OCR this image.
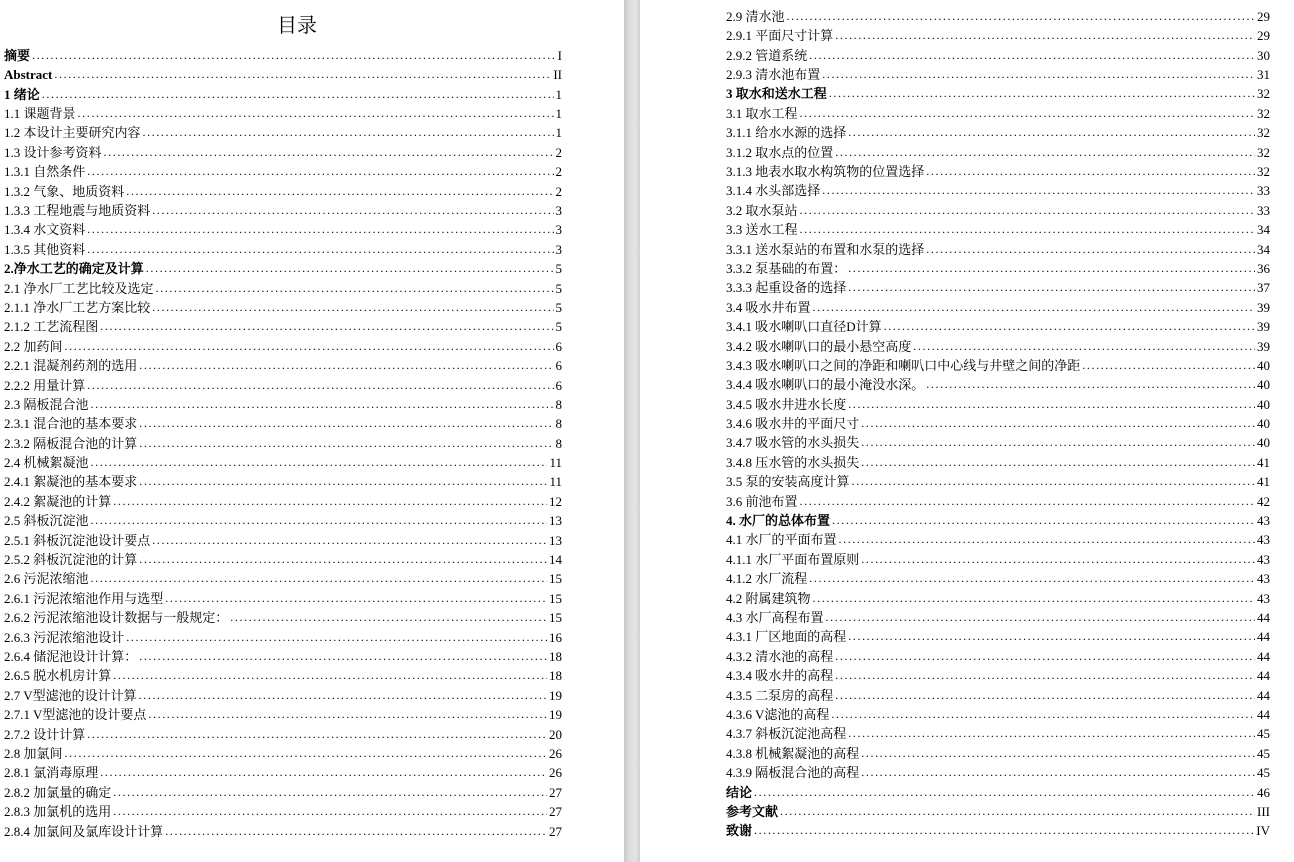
目录
摘要 .....	I
Abstract .....	II
1 绪论 .....	1
1.1 课题背景 .....	1
1.2 本设计主要研究内容 .....	1
1.3 设计参考资料 .....	2
1.3.1 自然条件 .....	2
1.3.2 气象、地质资料 .....	2
1.3.3 工程地震与地质资料 .....	3
1.3.4 水文资料 .....	3
1.3.5 其他资料 .....	3
2.净水工艺的确定及计算 .....	5
2.1 净水厂工艺比较及选定 .....	5
2.1.1 净水厂工艺方案比较 .....	5
2.1.2 工艺流程图 .....	5
2.2 加药间 .....	6
2.2.1 混凝剂药剂的选用 .....	6
2.2.2 用量计算 .....	6
2.3 隔板混合池 .....	8
2.3.1 混合池的基本要求 .....	8
2.3.2 隔板混合池的计算 .....	8
2.4 机械絮凝池 .....	11
2.4.1 絮凝池的基本要求 .....	11
2.4.2 絮凝池的计算 .....	12
2.5 斜板沉淀池 .....	13
2.5.1 斜板沉淀池设计要点 .....	13
2.5.2 斜板沉淀池的计算 .....	14
2.6 污泥浓缩池 .....	15
2.6.1 污泥浓缩池作用与选型 .....	15
2.6.2 污泥浓缩池设计数据与一般规定： .....	15
2.6.3 污泥浓缩池设计 .....	16
2.6.4 储泥池设计计算： .....	18
2.6.5 脱水机房计算 .....	18
2.7 V型滤池的设计计算 .....	19
2.7.1 V型滤池的设计要点 .....	19
2.7.2 设计计算 .....	20
2.8 加氯间 .....	26
2.8.1 氯消毒原理 .....	26
2.8.2 加氯量的确定 .....	27
2.8.3 加氯机的选用 .....	27
2.8.4 加氯间及氯库设计计算 .....	27
2.9 清水池 .....	29
2.9.1 平面尺寸计算 .....	29
2.9.2 管道系统 .....	30
2.9.3 清水池布置 .....	31
3 取水和送水工程 .....	32
3.1 取水工程 .....	32
3.1.1 给水水源的选择 .....	32
3.1.2 取水点的位置 .....	32
3.1.3 地表水取水构筑物的位置选择 .....	32
3.1.4 水头部选择 .....	33
3.2 取水泵站 .....	33
3.3 送水工程 .....	34
3.3.1 送水泵站的布置和水泵的选择 .....	34
3.3.2 泵基础的布置： .....	36
3.3.3 起重设备的选择 .....	37
3.4 吸水井布置 .....	39
3.4.1 吸水喇叭口直径D计算 .....	39
3.4.2 吸水喇叭口的最小悬空高度 .....	39
3.4.3 吸水喇叭口之间的净距和喇叭口中心线与井壁之间的净距 .....	40
3.4.4 吸水喇叭口的最小淹没水深。 .....	40
3.4.5 吸水井进水长度 .....	40
3.4.6 吸水井的平面尺寸 .....	40
3.4.7 吸水管的水头损失 .....	40
3.4.8 压水管的水头损失 .....	41
3.5 泵的安装高度计算 .....	41
3.6 前池布置 .....	42
4. 水厂的总体布置 .....	43
4.1 水厂的平面布置 .....	43
4.1.1 水厂平面布置原则 .....	43
4.1.2 水厂流程 .....	43
4.2 附属建筑物 .....	43
4.3 水厂高程布置 .....	44
4.3.1 厂区地面的高程 .....	44
4.3.2 清水池的高程 .....	44
4.3.4 吸水井的高程 .....	44
4.3.5 二泵房的高程 .....	44
4.3.6 V滤池的高程 .....	44
4.3.7 斜板沉淀池高程 .....	45
4.3.8 机械絮凝池的高程 .....	45
4.3.9 隔板混合池的高程 .....	45
结论 .....	46
参考文献 .....	III
致谢 .....	IV
